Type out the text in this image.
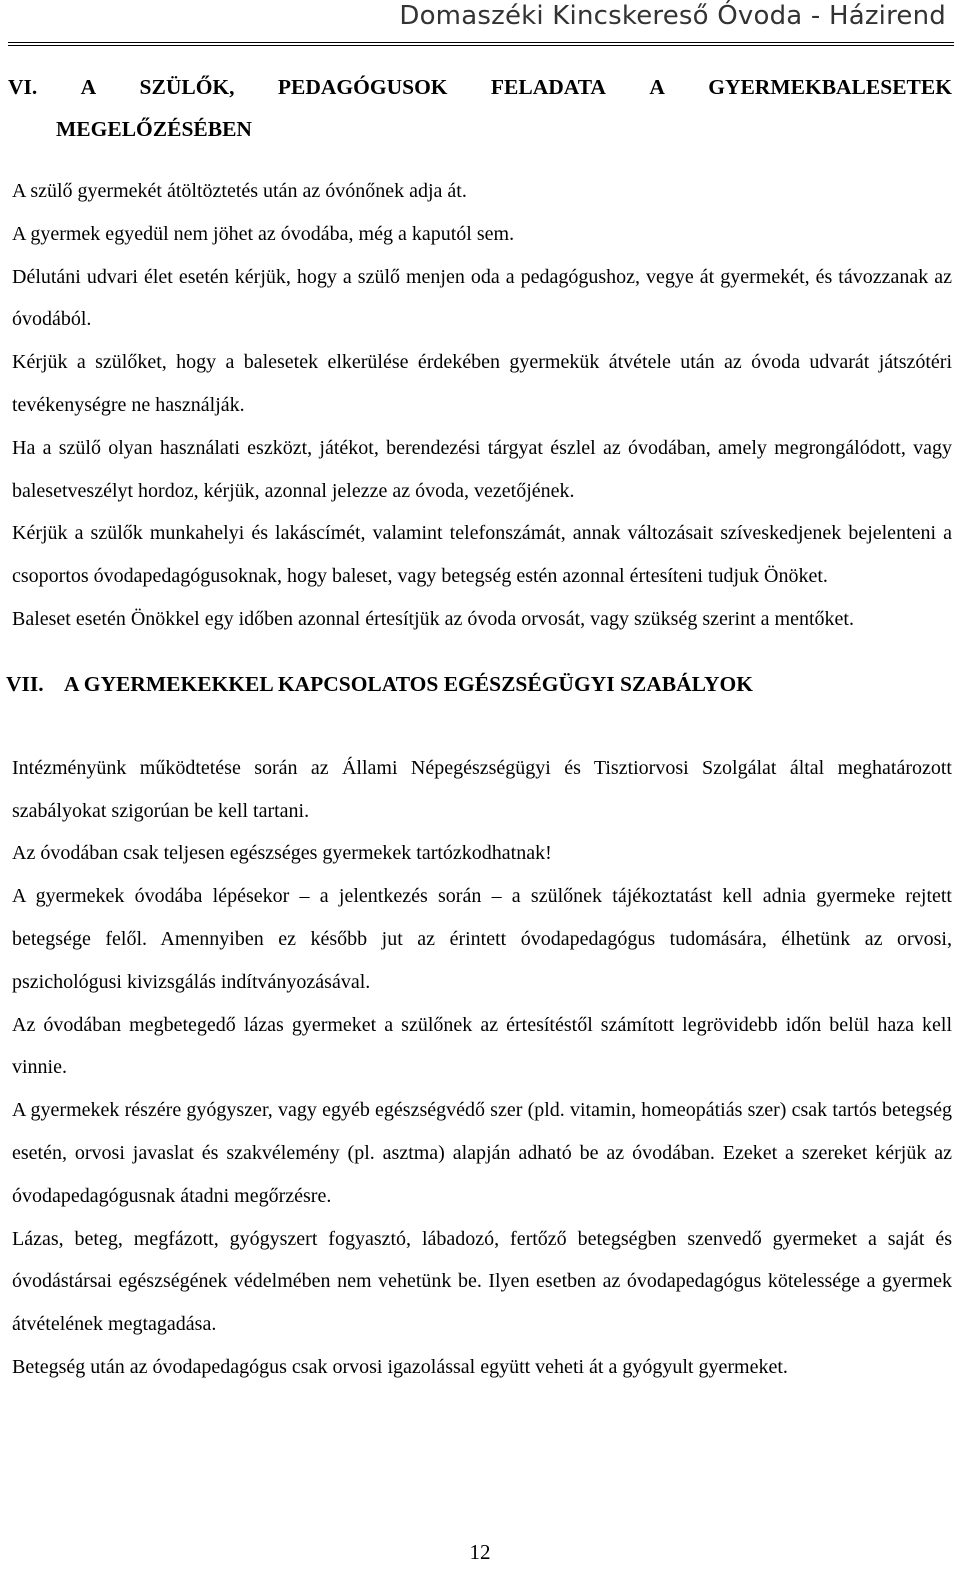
Domaszéki Kincskereső Óvoda - Házirend
VI. A SZÜLŐK, PEDAGÓGUSOK FELADATA A GYERMEKBALESETEK
MEGELŐZÉSÉBEN

A szülő gyermekét átöltöztetés után az óvónőnek adja át.

A gyermek egyedül nem jöhet az óvodába, még a kaputól sem.

Délutáni udvari élet esetén kérjük, hogy a szülő menjen oda a pedagógushoz, vegye át gyermekét, és távozzanak az óvodából.

Kérjük a szülőket, hogy a balesetek elkerülése érdekében gyermekük átvétele után az óvoda udvarát játszótéri tevékenységre ne használják.

Ha a szülő olyan használati eszközt, játékot, berendezési tárgyat észlel az óvodában, amely megrongálódott, vagy balesetveszélyt hordoz, kérjük, azonnal jelezze az óvoda, vezetőjének.

Kérjük a szülők munkahelyi és lakáscímét, valamint telefonszámát, annak változásait szíveskedjenek bejelenteni a csoportos óvodapedagógusoknak, hogy baleset, vagy betegség estén azonnal értesíteni tudjuk Önöket.

Baleset esetén Önökkel egy időben azonnal értesítjük az óvoda orvosát, vagy szükség szerint a mentőket.

VII. A GYERMEKEKKEL KAPCSOLATOS EGÉSZSÉGÜGYI SZABÁLYOK

Intézményünk működtetése során az Állami Népegészségügyi és Tisztiorvosi Szolgálat által meghatározott szabályokat szigorúan be kell tartani.

Az óvodában csak teljesen egészséges gyermekek tartózkodhatnak!

A gyermekek óvodába lépésekor – a jelentkezés során – a szülőnek tájékoztatást kell adnia gyermeke rejtett betegsége felől. Amennyiben ez később jut az érintett óvodapedagógus tudomására, élhetünk az orvosi, pszichológusi kivizsgálás indítványozásával.

Az óvodában megbetegedő lázas gyermeket a szülőnek az értesítéstől számított legrövidebb időn belül haza kell vinnie.

A gyermekek részére gyógyszer, vagy egyéb egészségvédő szer (pld. vitamin, homeopátiás szer) csak tartós betegség esetén, orvosi javaslat és szakvélemény (pl. asztma) alapján adható be az óvodában. Ezeket a szereket kérjük az óvodapedagógusnak átadni megőrzésre.

Lázas, beteg, megfázott, gyógyszert fogyasztó, lábadozó, fertőző betegségben szenvedő gyermeket a saját és óvodástársai egészségének védelmében nem vehetünk be. Ilyen esetben az óvodapedagógus kötelessége a gyermek átvételének megtagadása.

Betegség után az óvodapedagógus csak orvosi igazolással együtt veheti át a gyógyult gyermeket.

12
